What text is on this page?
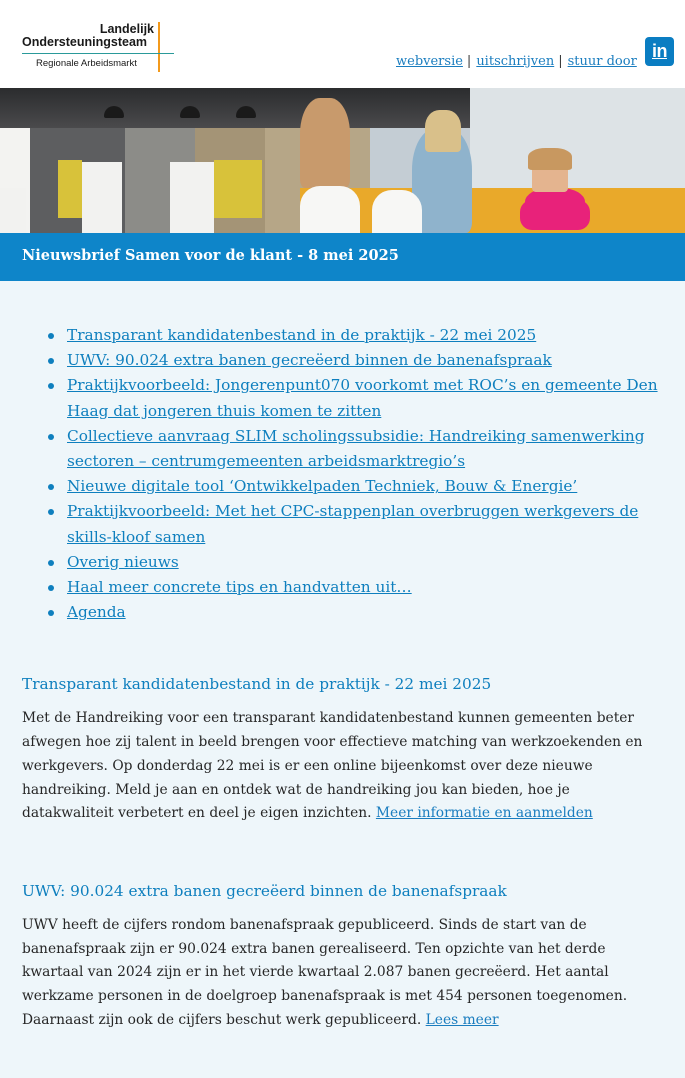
Landelijk
Ondersteuningsteam
Regionale Arbeidsmarkt	webversie | uitschrijven | stuur door
in
Nieuwsbrief Samen voor de klant - 8 mei 2025
Transparant kandidatenbestand in de praktijk - 22 mei 2025
UWV: 90.024 extra banen gecreëerd binnen de banenafspraak
Praktijkvoorbeeld: Jongerenpunt070 voorkomt met ROC’s en gemeente Den Haag dat jongeren thuis komen te zitten
Collectieve aanvraag SLIM scholingssubsidie: Handreiking samenwerking sectoren – centrumgemeenten arbeidsmarktregio’s
Nieuwe digitale tool ‘Ontwikkelpaden Techniek, Bouw & Energie’
Praktijkvoorbeeld: Met het CPC-stappenplan overbruggen werkgevers de skills-kloof samen
Overig nieuws
Haal meer concrete tips en handvatten uit…
Agenda
Transparant kandidatenbestand in de praktijk - 22 mei 2025

Met de Handreiking voor een transparant kandidatenbestand kunnen gemeenten beter afwegen hoe zij talent in beeld brengen voor effectieve matching van werkzoekenden en werkgevers. Op donderdag 22 mei is er een online bijeenkomst over deze nieuwe handreiking. Meld je aan en ontdek wat de handreiking jou kan bieden, hoe je datakwaliteit verbetert en deel je eigen inzichten. Meer informatie en aanmelden

UWV: 90.024 extra banen gecreëerd binnen de banenafspraak

UWV heeft de cijfers rondom banenafspraak gepubliceerd. Sinds de start van de banenafspraak zijn er 90.024 extra banen gerealiseerd. Ten opzichte van het derde kwartaal van 2024 zijn er in het vierde kwartaal 2.087 banen gecreëerd. Het aantal werkzame personen in de doelgroep banenafspraak is met 454 personen toegenomen. Daarnaast zijn ook de cijfers beschut werk gepubliceerd. Lees meer
